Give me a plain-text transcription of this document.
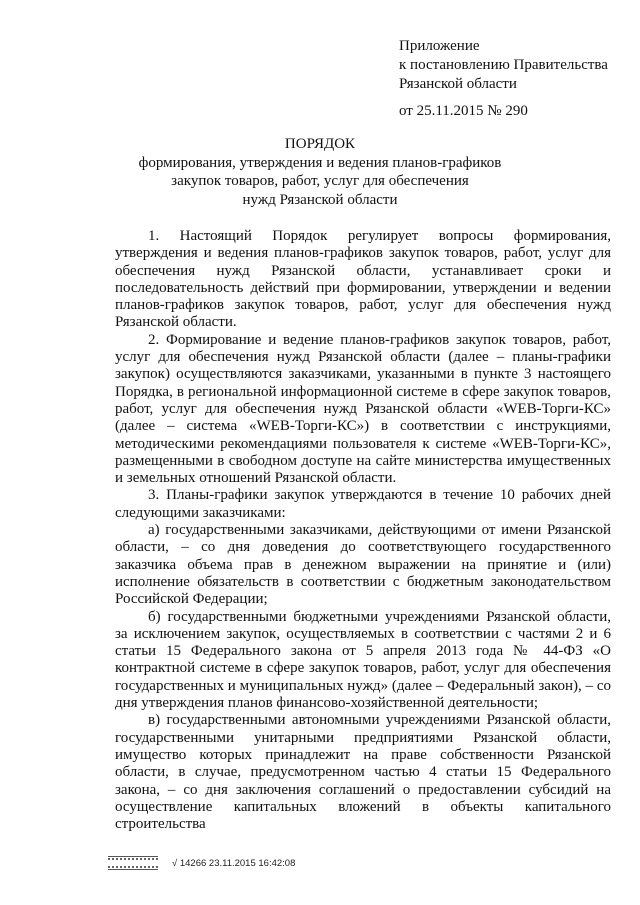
Приложение
к постановлению Правительства
Рязанской области
от 25.11.2015 № 290
ПОРЯДОК
формирования, утверждения и ведения планов-графиков
закупок товаров, работ, услуг для обеспечения
нужд Рязанской области

1. Настоящий Порядок регулирует вопросы формирования, утверждения и ведения планов-графиков закупок товаров, работ, услуг для обеспечения нужд Рязанской области, устанавливает сроки и последовательность действий при формировании, утверждении и ведении планов-графиков закупок товаров, работ, услуг для обеспечения нужд Рязанской области.

2. Формирование и ведение планов-графиков закупок товаров, работ, услуг для обеспечения нужд Рязанской области (далее – планы-графики закупок) осуществляются заказчиками, указанными в пункте 3 настоящего Порядка, в региональной информационной системе в сфере закупок товаров, работ, услуг для обеспечения нужд Рязанской области «WEB-Торги-КС» (далее – система «WEB-Торги-КС») в соответствии с инструкциями, методическими рекомендациями пользователя к системе «WEB-Торги-КС», размещенными в свободном доступе на сайте министерства имущественных и земельных отношений Рязанской области.

3. Планы-графики закупок утверждаются в течение 10 рабочих дней следующими заказчиками:

а) государственными заказчиками, действующими от имени Рязанской области, – со дня доведения до соответствующего государственного заказчика объема прав в денежном выражении на принятие и (или) исполнение обязательств в соответствии с бюджетным законодательством Российской Федерации;

б) государственными бюджетными учреждениями Рязанской области, за исключением закупок, осуществляемых в соответствии с частями 2 и 6 статьи 15 Федерального закона от 5 апреля 2013 года № 44-ФЗ «О контрактной системе в сфере закупок товаров, работ, услуг для обеспечения государственных и муниципальных нужд» (далее – Федеральный закон), – со дня утверждения планов финансово-хозяйственной деятельности;

в) государственными автономными учреждениями Рязанской области, государственными унитарными предприятиями Рязанской области, имущество которых принадлежит на праве собственности Рязанской области, в случае, предусмотренном частью 4 статьи 15 Федерального закона, – со дня заключения соглашений о предоставлении субсидий на осуществление капитальных вложений в объекты капитального строительства

√ 14266 23.11.2015 16:42:08
